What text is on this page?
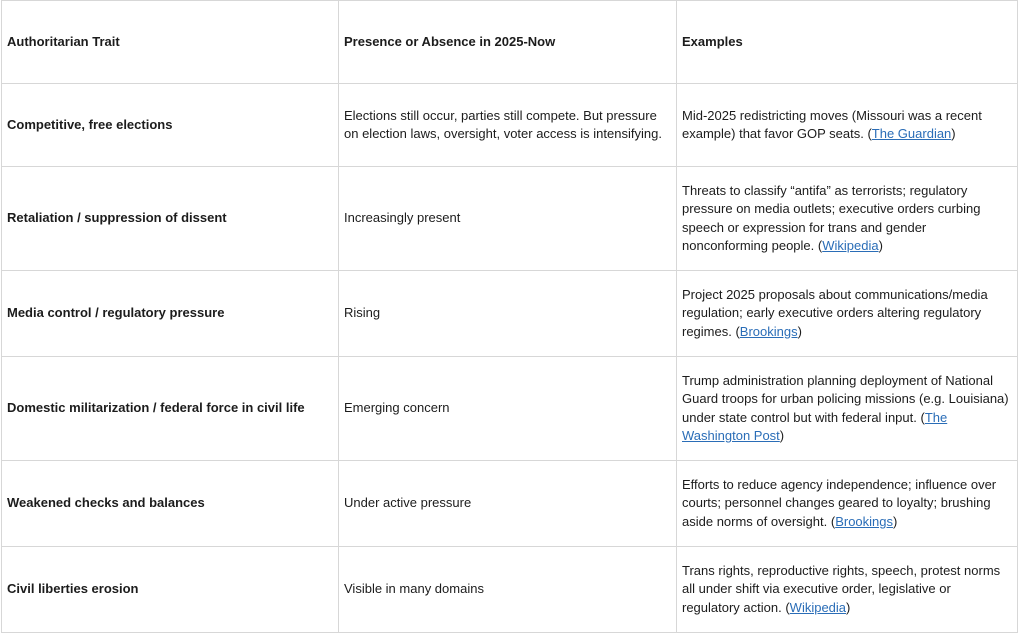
Authoritarian Trait	Presence or Absence in 2025-Now	Examples
Competitive, free elections	Elections still occur, parties still compete. But pressure on election laws, oversight, voter access is intensifying.	Mid-2025 redistricting moves (Missouri was a recent example) that favor GOP seats. (The Guardian)
Retaliation / suppression of dissent	Increasingly present	Threats to classify “antifa” as terrorists; regulatory pressure on media outlets; executive orders curbing speech or expression for trans and gender nonconforming people. (Wikipedia)
Media control / regulatory pressure	Rising	Project 2025 proposals about communications/media regulation; early executive orders altering regulatory regimes. (Brookings)
Domestic militarization / federal force in civil life	Emerging concern	Trump administration planning deployment of National Guard troops for urban policing missions (e.g. Louisiana) under state control but with federal input. (The Washington Post)
Weakened checks and balances	Under active pressure	Efforts to reduce agency independence; influence over courts; personnel changes geared to loyalty; brushing aside norms of oversight. (Brookings)
Civil liberties erosion	Visible in many domains	Trans rights, reproductive rights, speech, protest norms all under shift via executive order, legislative or regulatory action. (Wikipedia)
